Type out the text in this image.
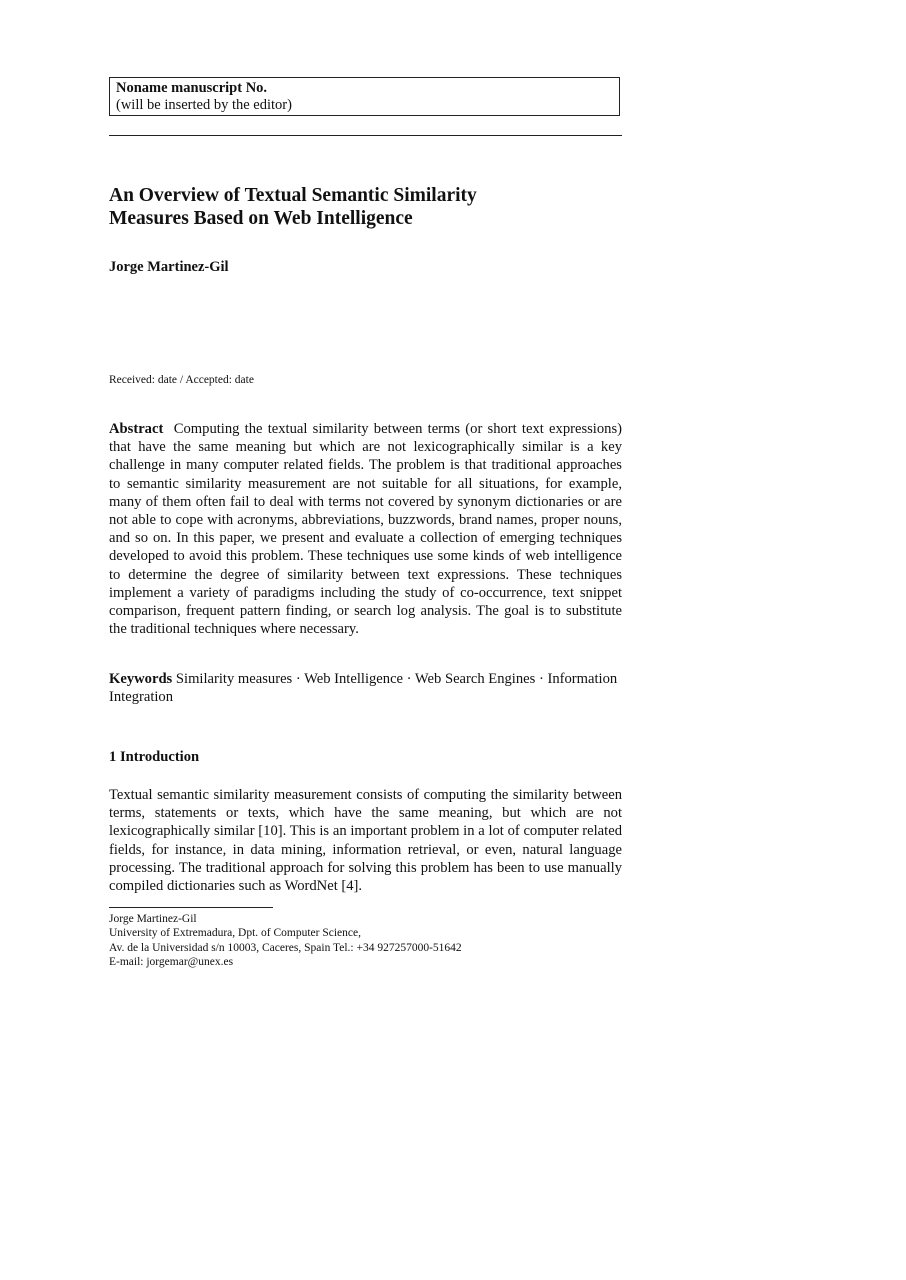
Noname manuscript No.
(will be inserted by the editor)
An Overview of Textual Semantic Similarity
Measures Based on Web Intelligence
Jorge Martinez-Gil
Received: date / Accepted: date

Abstract Computing the textual similarity between terms (or short text expressions) that have the same meaning but which are not lexicographically similar is a key challenge in many computer related fields. The problem is that traditional approaches to semantic similarity measurement are not suitable for all situations, for example, many of them often fail to deal with terms not covered by synonym dictionaries or are not able to cope with acronyms, abbreviations, buzzwords, brand names, proper nouns, and so on. In this paper, we present and evaluate a collection of emerging techniques developed to avoid this problem. These techniques use some kinds of web intelligence to determine the degree of similarity between text expressions. These techniques implement a variety of paradigms including the study of co-occurrence, text snippet comparison, frequent pattern finding, or search log analysis. The goal is to substitute the traditional techniques where necessary.

Keywords Similarity measures · Web Intelligence · Web Search Engines · Information Integration

1 Introduction

Textual semantic similarity measurement consists of computing the similarity between terms, statements or texts, which have the same meaning, but which are not lexicographically similar [10]. This is an important problem in a lot of computer related fields, for instance, in data mining, information retrieval, or even, natural language processing. The traditional approach for solving this problem has been to use manually compiled dictionaries such as WordNet [4].

Jorge Martinez-Gil
University of Extremadura, Dpt. of Computer Science,
Av. de la Universidad s/n 10003, Caceres, Spain Tel.: +34 927257000-51642
E-mail: jorgemar@unex.es
